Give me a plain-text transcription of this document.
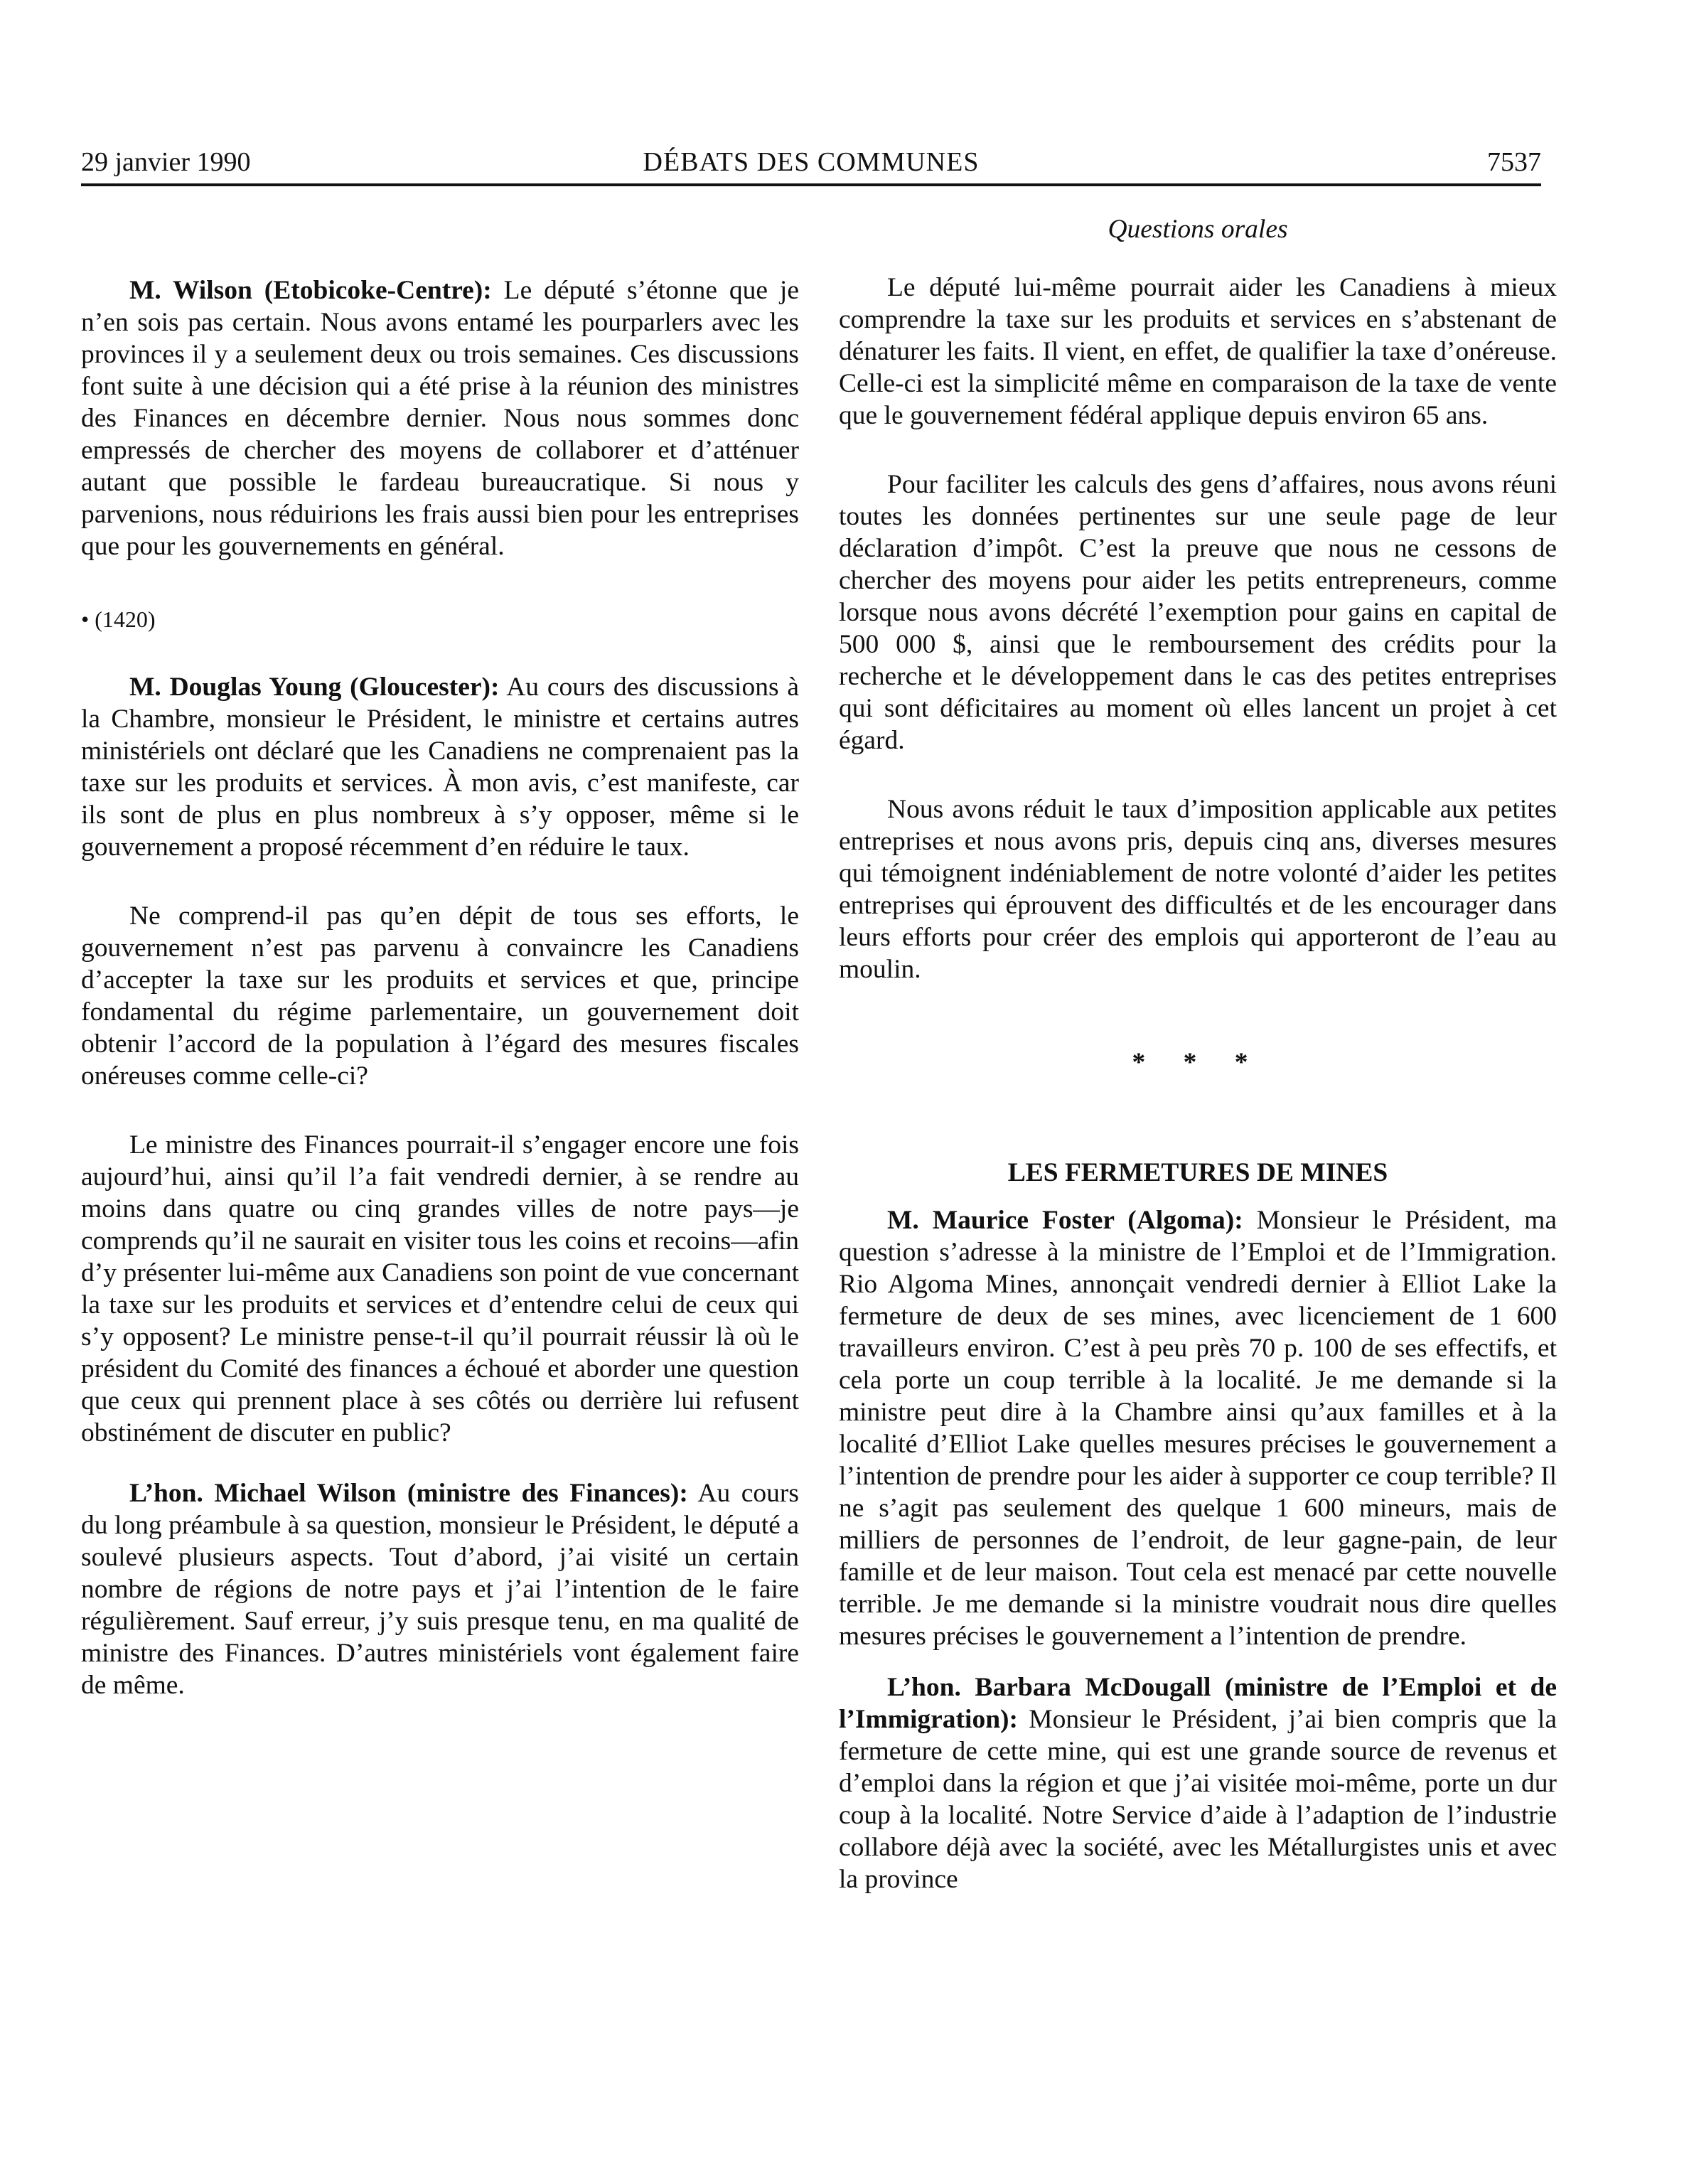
29 janvier 1990	DÉBATS DES COMMUNES	7537

M. Wilson (Etobicoke-Centre): Le député s’étonne que je n’en sois pas certain. Nous avons entamé les pourparlers avec les provinces il y a seulement deux ou trois semaines. Ces discussions font suite à une décision qui a été prise à la réunion des ministres des Finances en décembre dernier. Nous nous sommes donc empressés de chercher des moyens de collaborer et d’atténuer autant que possible le fardeau bureaucratique. Si nous y parvenions, nous réduirions les frais aussi bien pour les entreprises que pour les gouvernements en général.

• (1420)

M. Douglas Young (Gloucester): Au cours des discussions à la Chambre, monsieur le Président, le ministre et certains autres ministériels ont déclaré que les Canadiens ne comprenaient pas la taxe sur les produits et services. À mon avis, c’est manifeste, car ils sont de plus en plus nombreux à s’y opposer, même si le gouvernement a proposé récemment d’en réduire le taux.

Ne comprend-il pas qu’en dépit de tous ses efforts, le gouvernement n’est pas parvenu à convaincre les Canadiens d’accepter la taxe sur les produits et services et que, principe fondamental du régime parlementaire, un gouvernement doit obtenir l’accord de la population à l’égard des mesures fiscales onéreuses comme celle-ci?

Le ministre des Finances pourrait-il s’engager encore une fois aujourd’hui, ainsi qu’il l’a fait vendredi dernier, à se rendre au moins dans quatre ou cinq grandes villes de notre pays—je comprends qu’il ne saurait en visiter tous les coins et recoins—afin d’y présenter lui-même aux Canadiens son point de vue concernant la taxe sur les produits et services et d’entendre celui de ceux qui s’y opposent? Le ministre pense-t-il qu’il pourrait réussir là où le président du Comité des finances a échoué et aborder une question que ceux qui prennent place à ses côtés ou derrière lui refusent obstinément de discuter en public?

L’hon. Michael Wilson (ministre des Finances): Au cours du long préambule à sa question, monsieur le Président, le député a soulevé plusieurs aspects. Tout d’abord, j’ai visité un certain nombre de régions de notre pays et j’ai l’intention de le faire régulièrement. Sauf erreur, j’y suis presque tenu, en ma qualité de ministre des Finances. D’autres ministériels vont également faire de même.

Questions orales

Le député lui-même pourrait aider les Canadiens à mieux comprendre la taxe sur les produits et services en s’abstenant de dénaturer les faits. Il vient, en effet, de qualifier la taxe d’onéreuse. Celle-ci est la simplicité même en comparaison de la taxe de vente que le gouvernement fédéral applique depuis environ 65 ans.

Pour faciliter les calculs des gens d’affaires, nous avons réuni toutes les données pertinentes sur une seule page de leur déclaration d’impôt. C’est la preuve que nous ne cessons de chercher des moyens pour aider les petits entrepreneurs, comme lorsque nous avons décrété l’exemption pour gains en capital de 500 000 $, ainsi que le remboursement des crédits pour la recherche et le développement dans le cas des petites entreprises qui sont déficitaires au moment où elles lancent un projet à cet égard.

Nous avons réduit le taux d’imposition applicable aux petites entreprises et nous avons pris, depuis cinq ans, diverses mesures qui témoignent indéniablement de notre volonté d’aider les petites entreprises qui éprouvent des difficultés et de les encourager dans leurs efforts pour créer des emplois qui apporteront de l’eau au moulin.

* * *

LES FERMETURES DE MINES

M. Maurice Foster (Algoma): Monsieur le Président, ma question s’adresse à la ministre de l’Emploi et de l’Immigration. Rio Algoma Mines, annonçait vendredi dernier à Elliot Lake la fermeture de deux de ses mines, avec licenciement de 1 600 travailleurs environ. C’est à peu près 70 p. 100 de ses effectifs, et cela porte un coup terrible à la localité. Je me demande si la ministre peut dire à la Chambre ainsi qu’aux familles et à la localité d’Elliot Lake quelles mesures précises le gouvernement a l’intention de prendre pour les aider à supporter ce coup terrible? Il ne s’agit pas seulement des quelque 1 600 mineurs, mais de milliers de personnes de l’endroit, de leur gagne-pain, de leur famille et de leur maison. Tout cela est menacé par cette nouvelle terrible. Je me demande si la ministre voudrait nous dire quelles mesures précises le gouvernement a l’intention de prendre.

L’hon. Barbara McDougall (ministre de l’Emploi et de l’Immigration): Monsieur le Président, j’ai bien compris que la fermeture de cette mine, qui est une grande source de revenus et d’emploi dans la région et que j’ai visitée moi-même, porte un dur coup à la localité. Notre Service d’aide à l’adaption de l’industrie collabore déjà avec la société, avec les Métallurgistes unis et avec la province
